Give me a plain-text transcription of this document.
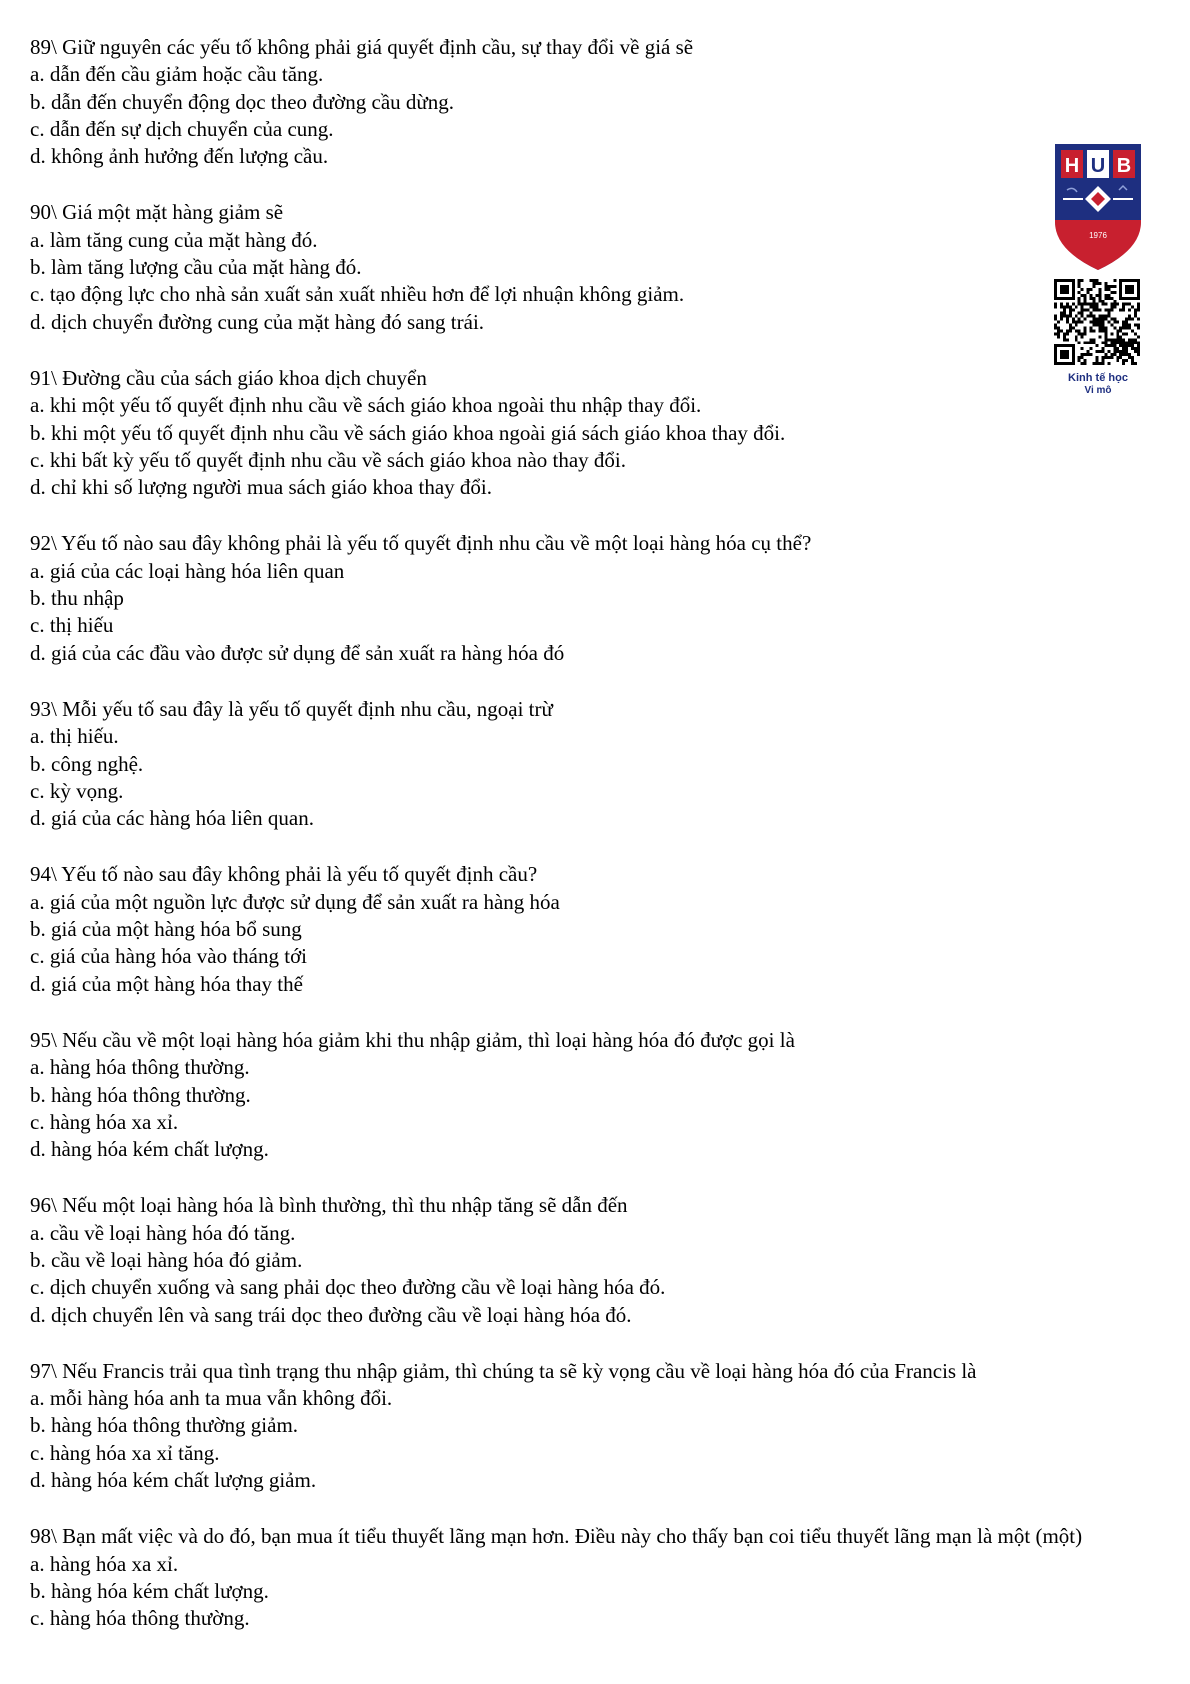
89\ Giữ nguyên các yếu tố không phải giá quyết định cầu, sự thay đổi về giá sẽ
a. dẫn đến cầu giảm hoặc cầu tăng.
b. dẫn đến chuyển động dọc theo đường cầu dừng.
c. dẫn đến sự dịch chuyển của cung.
d. không ảnh hưởng đến lượng cầu.
90\ Giá một mặt hàng giảm sẽ
a. làm tăng cung của mặt hàng đó.
b. làm tăng lượng cầu của mặt hàng đó.
c. tạo động lực cho nhà sản xuất sản xuất nhiều hơn để lợi nhuận không giảm.
d. dịch chuyển đường cung của mặt hàng đó sang trái.
91\ Đường cầu của sách giáo khoa dịch chuyển
a. khi một yếu tố quyết định nhu cầu về sách giáo khoa ngoài thu nhập thay đổi.
b. khi một yếu tố quyết định nhu cầu về sách giáo khoa ngoài giá sách giáo khoa thay đổi.
c. khi bất kỳ yếu tố quyết định nhu cầu về sách giáo khoa nào thay đổi.
d. chỉ khi số lượng người mua sách giáo khoa thay đổi.
92\ Yếu tố nào sau đây không phải là yếu tố quyết định nhu cầu về một loại hàng hóa cụ thể?
a. giá của các loại hàng hóa liên quan
b. thu nhập
c. thị hiếu
d. giá của các đầu vào được sử dụng để sản xuất ra hàng hóa đó
93\ Mỗi yếu tố sau đây là yếu tố quyết định nhu cầu, ngoại trừ
a. thị hiếu.
b. công nghệ.
c. kỳ vọng.
d. giá của các hàng hóa liên quan.
94\ Yếu tố nào sau đây không phải là yếu tố quyết định cầu?
a. giá của một nguồn lực được sử dụng để sản xuất ra hàng hóa
b. giá của một hàng hóa bổ sung
c. giá của hàng hóa vào tháng tới
d. giá của một hàng hóa thay thế
95\ Nếu cầu về một loại hàng hóa giảm khi thu nhập giảm, thì loại hàng hóa đó được gọi là
a. hàng hóa thông thường.
b. hàng hóa thông thường.
c. hàng hóa xa xỉ.
d. hàng hóa kém chất lượng.
96\ Nếu một loại hàng hóa là bình thường, thì thu nhập tăng sẽ dẫn đến
a. cầu về loại hàng hóa đó tăng.
b. cầu về loại hàng hóa đó giảm.
c. dịch chuyển xuống và sang phải dọc theo đường cầu về loại hàng hóa đó.
d. dịch chuyển lên và sang trái dọc theo đường cầu về loại hàng hóa đó.
97\ Nếu Francis trải qua tình trạng thu nhập giảm, thì chúng ta sẽ kỳ vọng cầu về loại hàng hóa đó của Francis là
a. mỗi hàng hóa anh ta mua vẫn không đổi.
b. hàng hóa thông thường giảm.
c. hàng hóa xa xỉ tăng.
d. hàng hóa kém chất lượng giảm.
98\ Bạn mất việc và do đó, bạn mua ít tiểu thuyết lãng mạn hơn. Điều này cho thấy bạn coi tiểu thuyết lãng mạn là một (một)
a. hàng hóa xa xỉ.
b. hàng hóa kém chất lượng.
c. hàng hóa thông thường.
H U B
1976
Kinh tế học
Vi mô
